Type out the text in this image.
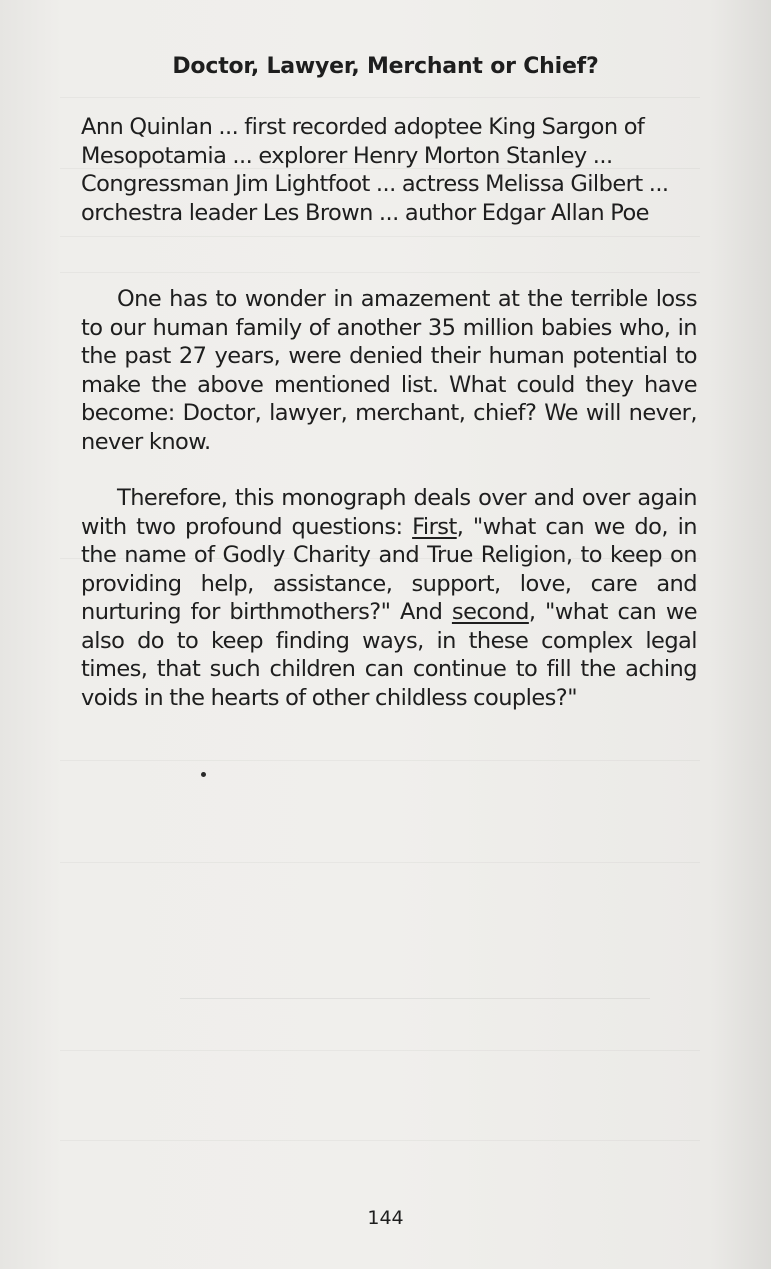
Doctor, Lawyer, Merchant or Chief?
Ann Quinlan ... first recorded adoptee King Sargon of Mesopotamia ... explorer Henry Morton Stanley ... Congressman Jim Lightfoot ... actress Melissa Gilbert ... orchestra leader Les Brown ... author Edgar Allan Poe
One has to wonder in amazement at the terrible loss to our human family of another 35 million babies who, in the past 27 years, were denied their human potential to make the above mentioned list. What could they have become: Doctor, lawyer, merchant, chief? We will never, never know.
Therefore, this monograph deals over and over again with two profound questions: First, "what can we do, in the name of Godly Charity and True Religion, to keep on providing help, assistance, support, love, care and nurturing for birthmothers?" And second, "what can we also do to keep finding ways, in these complex legal times, that such children can continue to fill the aching voids in the hearts of other childless couples?"
144
